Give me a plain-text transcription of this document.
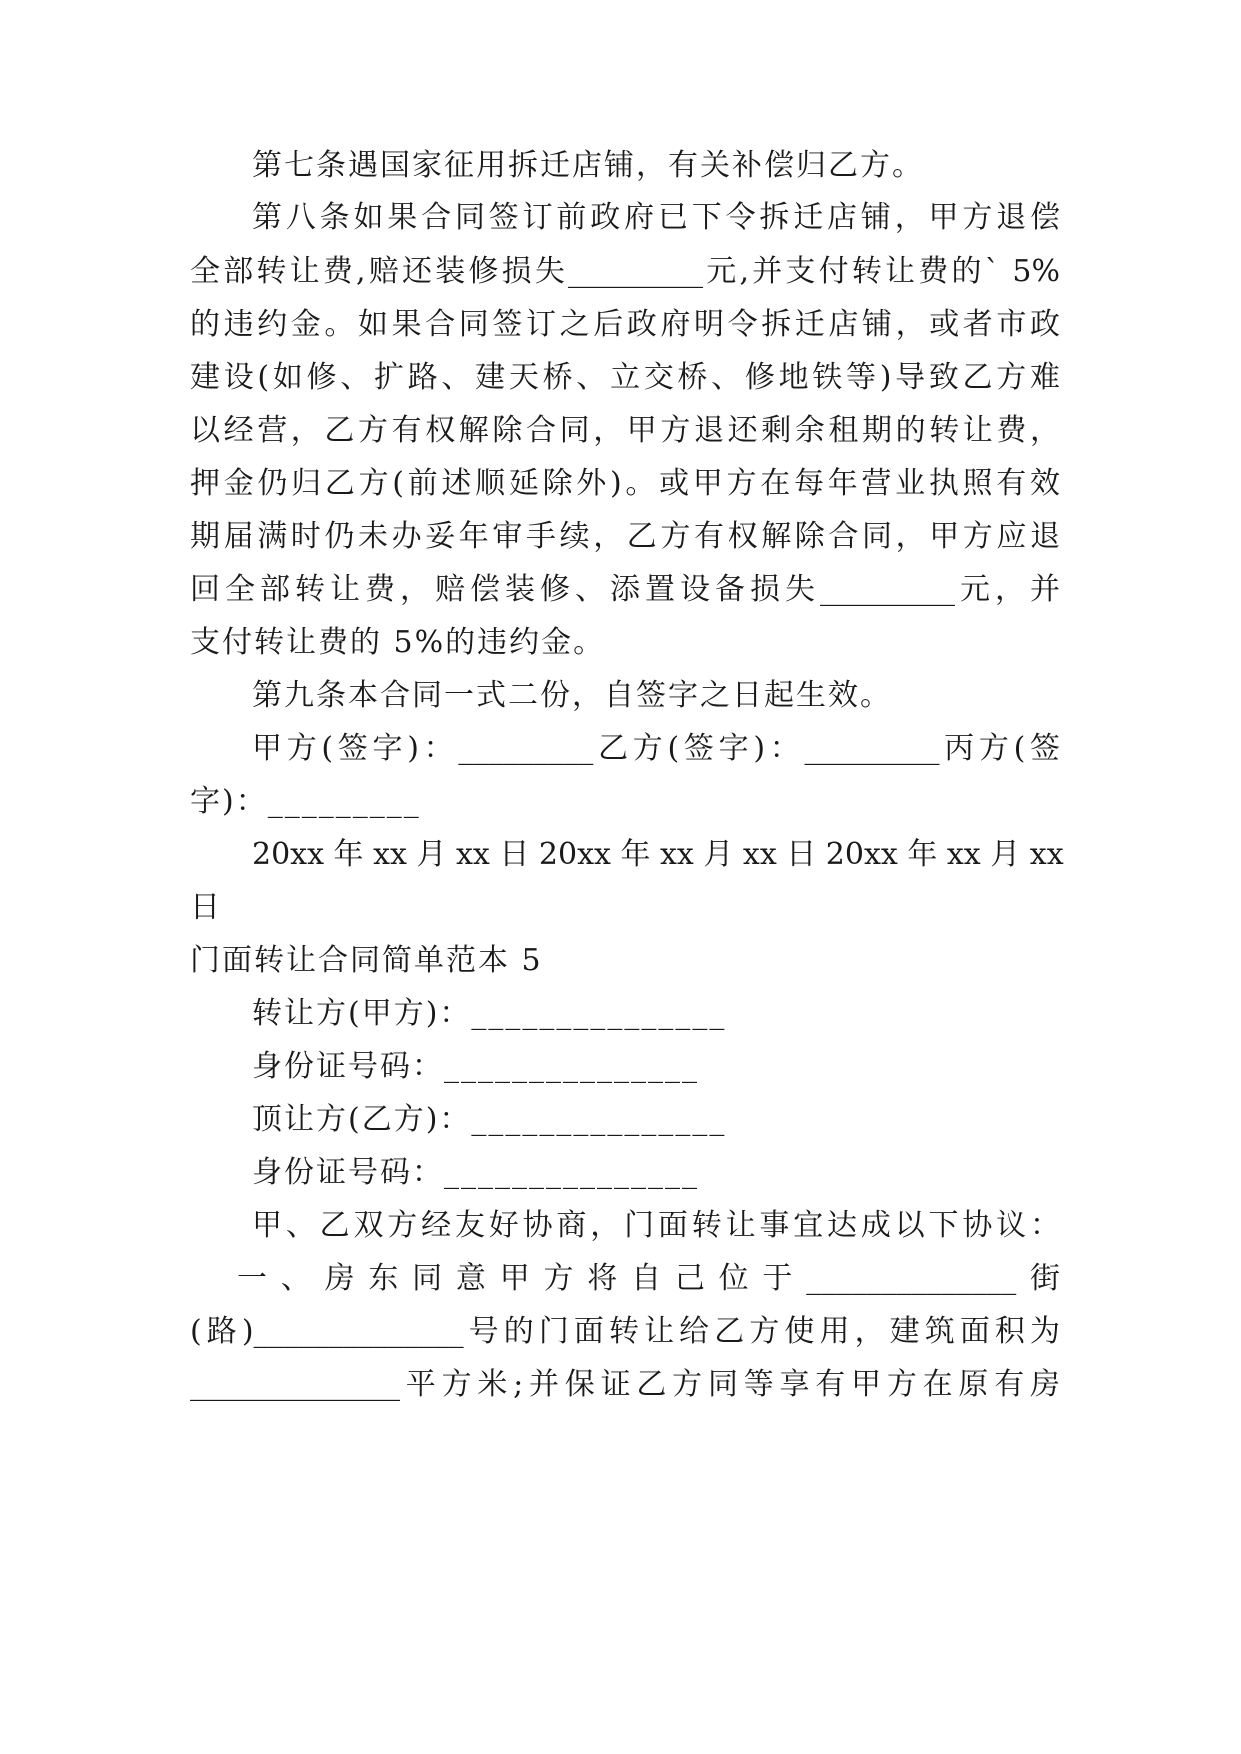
第七条遇国家征用拆迁店铺，有关补偿归乙方。
第八条如果合同签订前政府已下令拆迁店铺，甲方退偿
全部转让费,赔还装修损失_________元,并支付转让费的` 5%
的违约金。如果合同签订之后政府明令拆迁店铺，或者市政
建设(如修、扩路、建天桥、立交桥、修地铁等)导致乙方难
以经营，乙方有权解除合同，甲方退还剩余租期的转让费，
押金仍归乙方(前述顺延除外)。或甲方在每年营业执照有效
期届满时仍未办妥年审手续，乙方有权解除合同，甲方应退
回全部转让费，赔偿装修、添置设备损失_________元，并
支付转让费的 5%的违约金。
第九条本合同一式二份，自签字之日起生效。
甲方(签字)：_________乙方(签字)：_________丙方(签
字)：_________
20xx 年 xx 月 xx 日 20xx 年 xx 月 xx 日 20xx 年 xx 月 xx
日
门面转让合同简单范本 5
转让方(甲方)：_______________
身份证号码：_______________
顶让方(乙方)：_______________
身份证号码：_______________
甲、乙双方经友好协商，门面转让事宜达成以下协议：
一、房东同意甲方将自己位于______________街
(路)______________号的门面转让给乙方使用，建筑面积为
______________平方米;并保证乙方同等享有甲方在原有房
